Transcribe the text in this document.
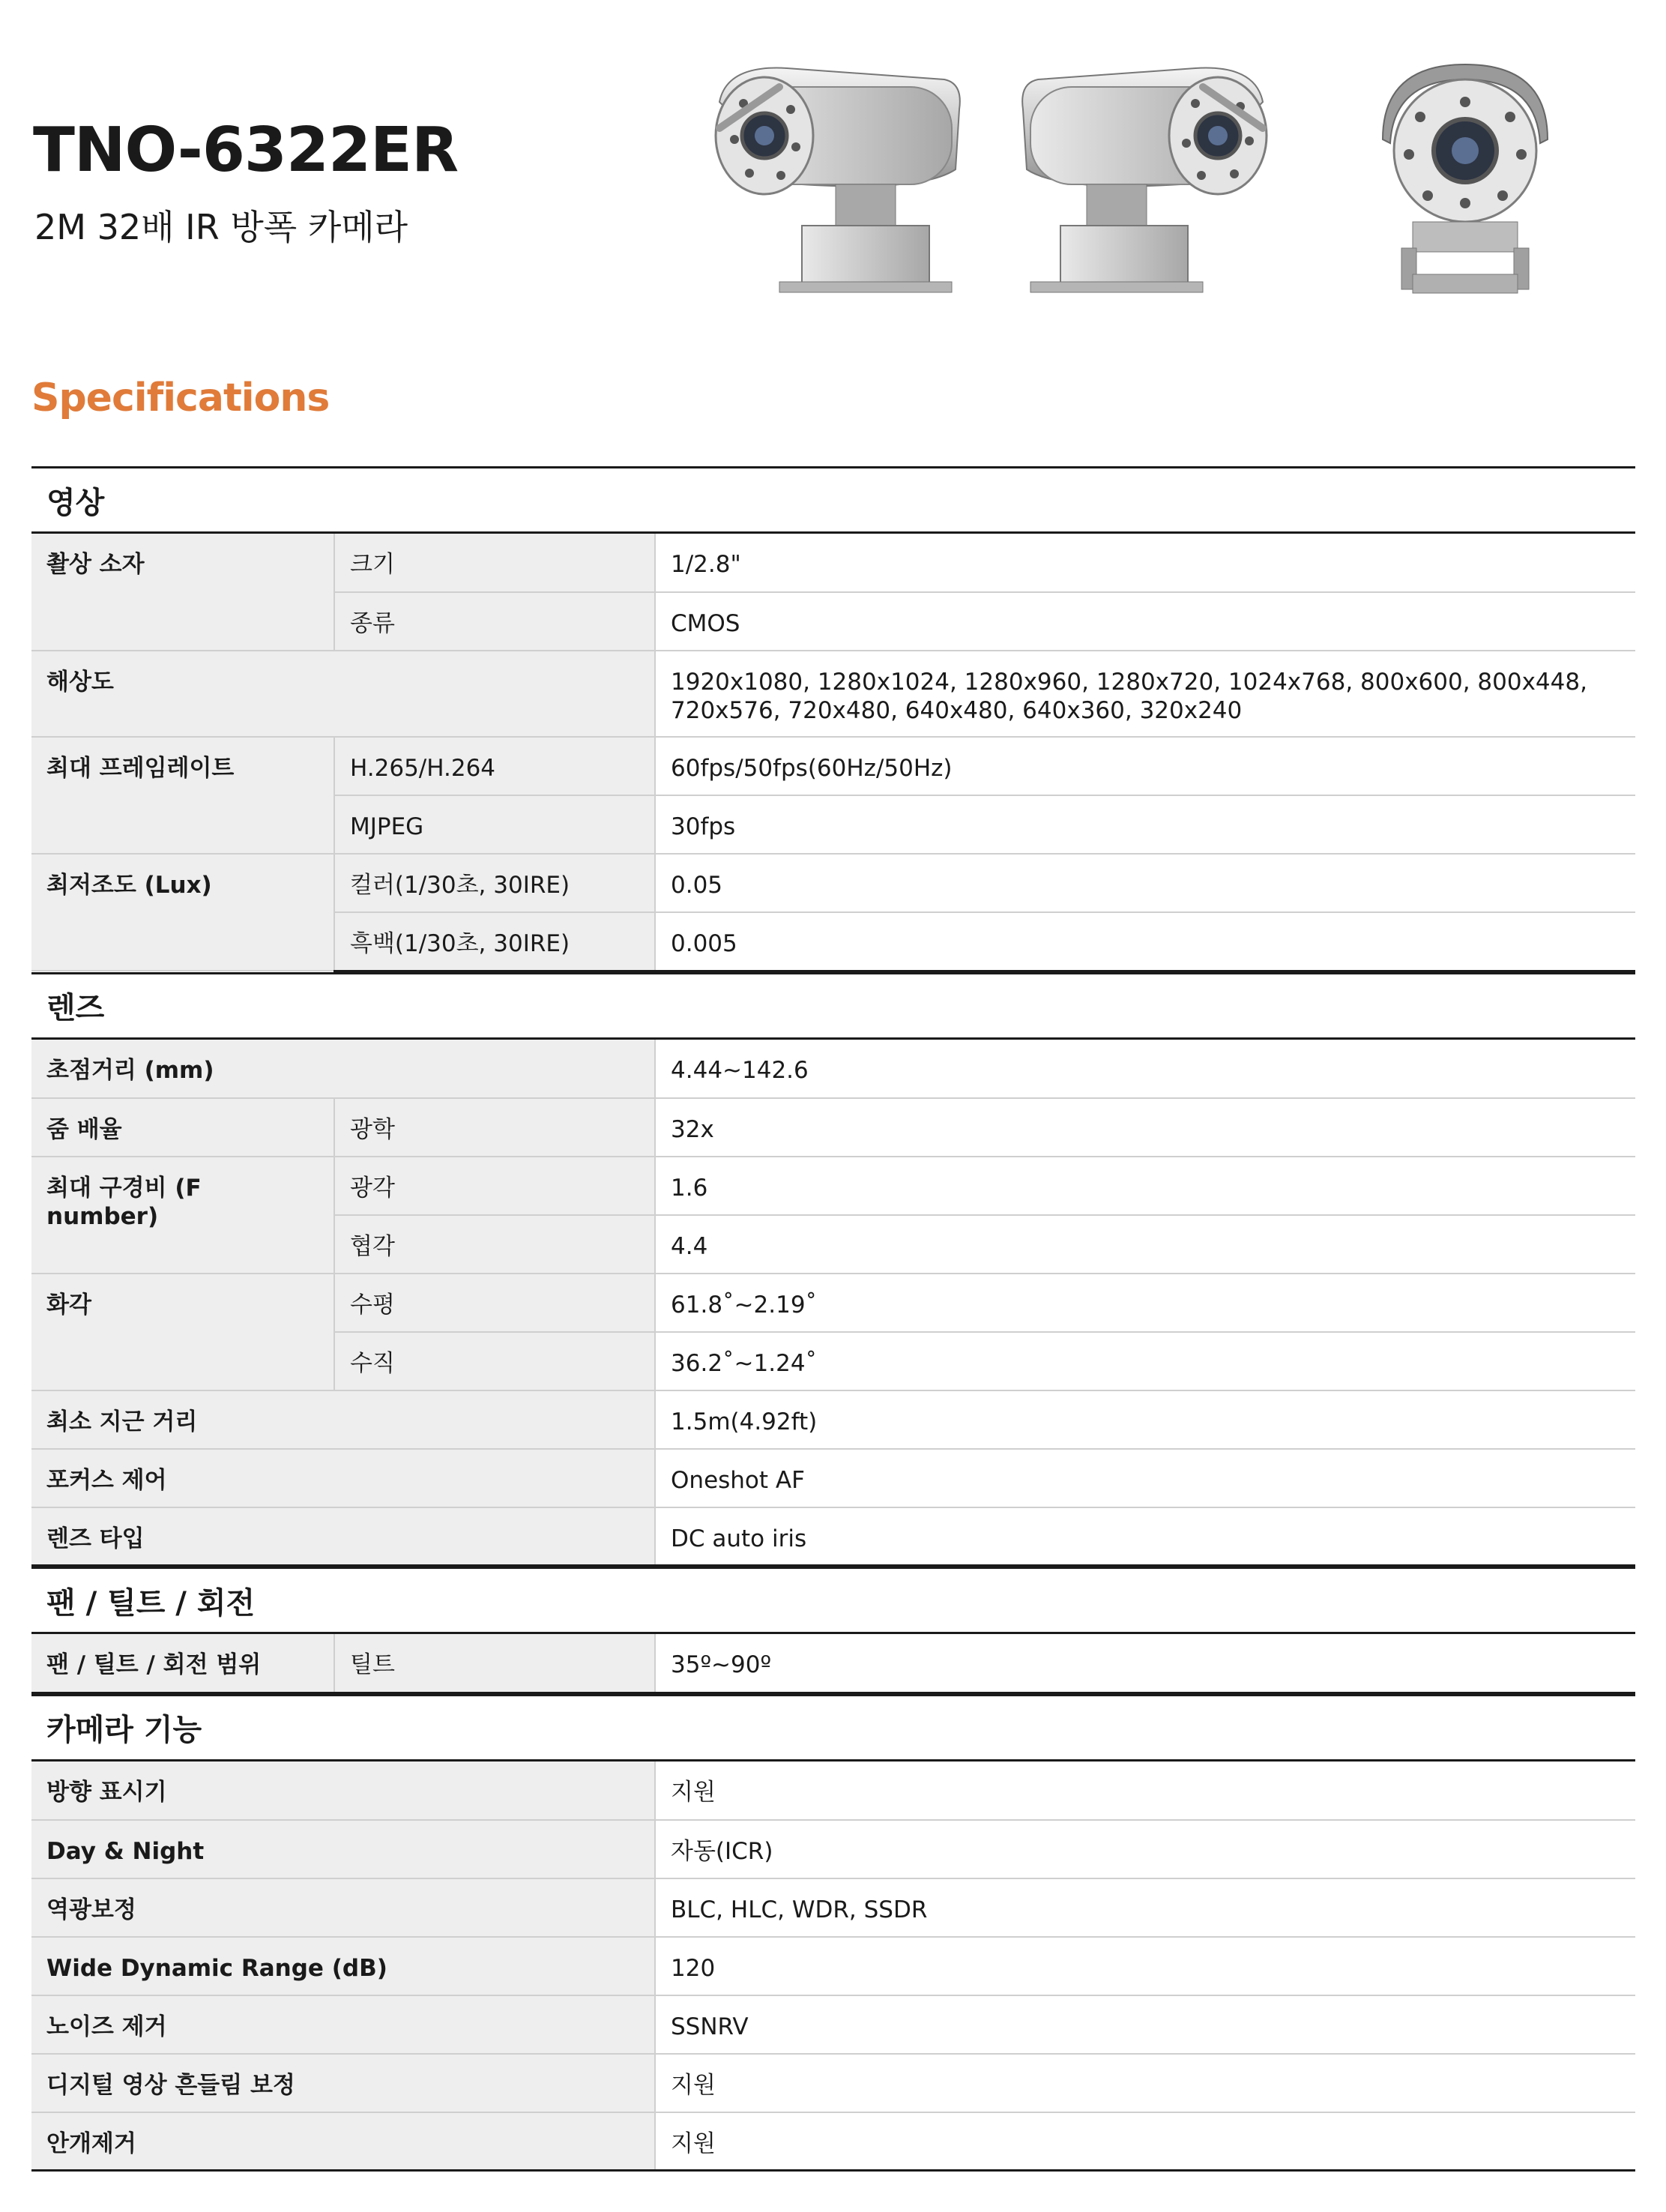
TNO-6322ER

2M 32배 IR 방폭 카메라

Specifications
영상
촬상 소자	크기	1/2.8"
	종류	CMOS
해상도		1920x1080, 1280x1024, 1280x960, 1280x720, 1024x768, 800x600, 800x448, 720x576, 720x480, 640x480, 640x360, 320x240
최대 프레임레이트	H.265/H.264	60fps/50fps(60Hz/50Hz)
	MJPEG	30fps
최저조도 (Lux)	컬러(1/30초, 30IRE)	0.05
	흑백(1/30초, 30IRE)	0.005
렌즈
초점거리 (mm)		4.44~142.6
줌 배율	광학	32x
최대 구경비 (F number)	광각	1.6
	협각	4.4
화각	수평	61.8˚~2.19˚
	수직	36.2˚~1.24˚
최소 지근 거리		1.5m(4.92ft)
포커스 제어		Oneshot AF
렌즈 타입		DC auto iris
팬 / 틸트 / 회전
팬 / 틸트 / 회전 범위	틸트	35º~90º
카메라 기능
방향 표시기	지원
Day & Night	자동(ICR)
역광보정	BLC, HLC, WDR, SSDR
Wide Dynamic Range (dB)	120
노이즈 제거	SSNRV
디지털 영상 흔들림 보정	지원
안개제거	지원
